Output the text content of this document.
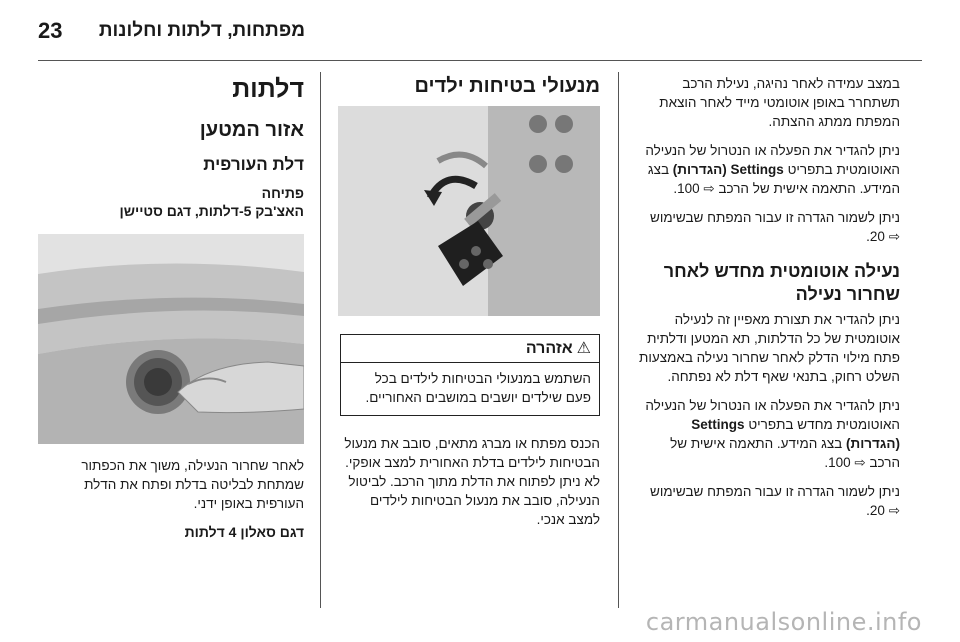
23 מפתחות, דלתות וחלונות
דלתות
אזור המטען
דלת העורפית
פתיחה
האצ'בק 5-דלתות, דגם סטיישן

לאחר שחרור הנעילה, משוך את הכפתור שמתחת לבליטה בדלת ופתח את הדלת העורפית באופן ידני.

דגם סאלון 4 דלתות
מנעולי בטיחות ילדים
⚠
אזהרה
השתמש במנעולי הבטיחות לילדים בכל פעם שילדים יושבים במושבים האחוריים.

הכנס מפתח או מברג מתאים, סובב את מנעול הבטיחות לילדים בדלת האחורית למצב אופקי. לא ניתן לפתוח את הדלת מתוך הרכב. לביטול הנעילה, סובב את מנעול הבטיחות לילדים למצב אנכי.

במצב עמידה לאחר נהיגה, נעילת הרכב תשתחרר באופן אוטומטי מייד לאחר הוצאת המפתח ממתג ההצתה.

ניתן להגדיר את הפעלה או הנטרול של הנעילה האוטומטית בתפריט Settings (הגדרות) בצג המידע. התאמה אישית של הרכב ⇨ 100.

ניתן לשמור הגדרה זו עבור המפתח שבשימוש ⇨ 20.

נעילה אוטומטית מחדש לאחר שחרור נעילה

ניתן להגדיר את תצורת מאפיין זה לנעילה אוטומטית של כל הדלתות, תא המטען ודלתית פתח מילוי הדלק לאחר שחרור נעילה באמצעות השלט רחוק, בתנאי שאף דלת לא נפתחה.

ניתן להגדיר את הפעלה או הנטרול של הנעילה האוטומטית מחדש בתפריט Settings (הגדרות) בצג המידע. התאמה אישית של הרכב ⇨ 100.

ניתן לשמור הגדרה זו עבור המפתח שבשימוש ⇨ 20.

carmanualsonline.info
